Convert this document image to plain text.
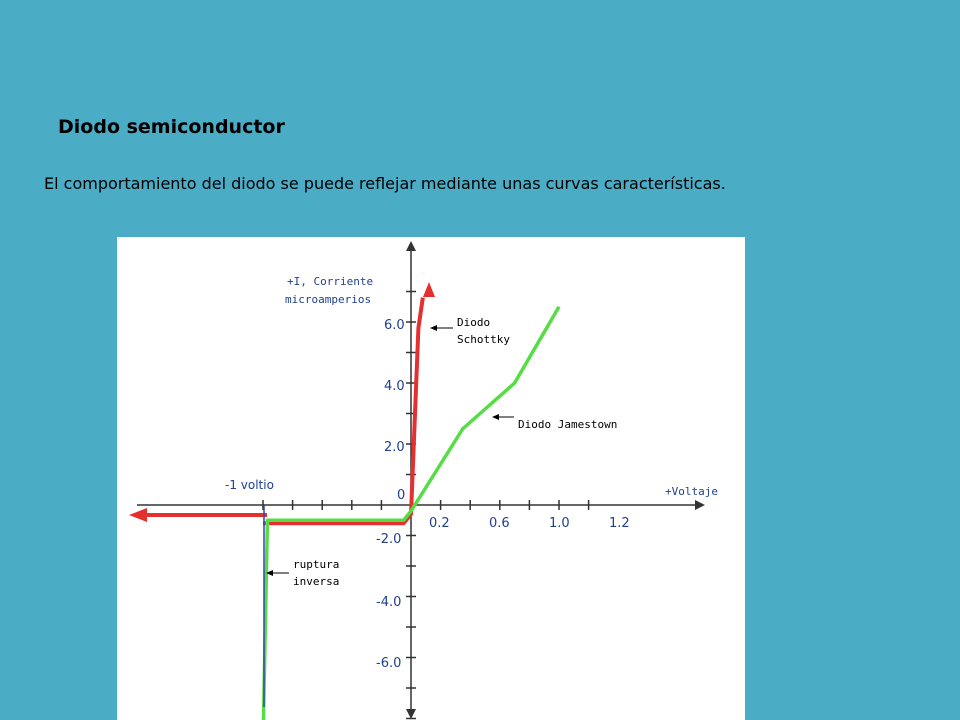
Diodo semiconductor

El comportamiento del diodo se puede reflejar mediante unas curvas características.

+Voltaje
+I, Corriente
microamperios
0
0.2	0.6	1.0	1.2
6.0
4.0
2.0
-2.0
-4.0
-6.0
-1 voltio
Diodo
Schottky
Diodo Jamestown
ruptura
inversa
